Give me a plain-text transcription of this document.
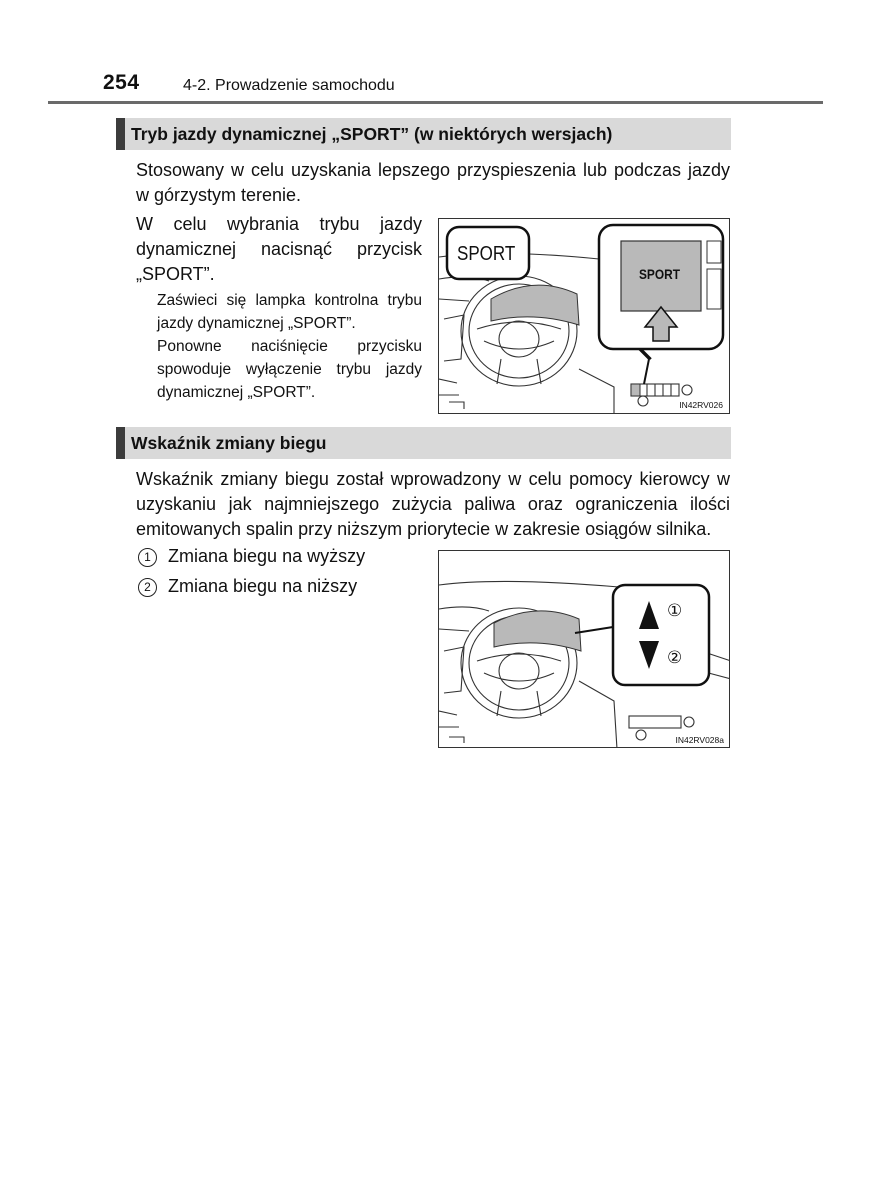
254	4-2. Prowadzenie samochodu
Tryb jazdy dynamicznej „SPORT” (w niektórych wersjach)
Stosowany w celu uzyskania lepszego przyspieszenia lub podczas jazdy w górzystym terenie.
W celu wybrania trybu jazdy dynamicznej nacisnąć przycisk „SPORT”.
Zaświeci się lampka kontrolna trybu jazdy dynamicznej „SPORT”.
Ponowne naciśnięcie przycisku spowoduje wyłączenie trybu jazdy dynamicznej „SPORT”.
SPORT
SPORT
IN42RV026
Wskaźnik zmiany biegu
Wskaźnik zmiany biegu został wprowadzony w celu pomocy kierowcy w uzyskaniu jak najmniejszego zużycia paliwa oraz ograniczenia ilości emitowanych spalin przy niższym priorytecie w zakresie osiągów silnika.
1 Zmiana biegu na wyższy
2 Zmiana biegu na niższy
①
②
IN42RV028a
